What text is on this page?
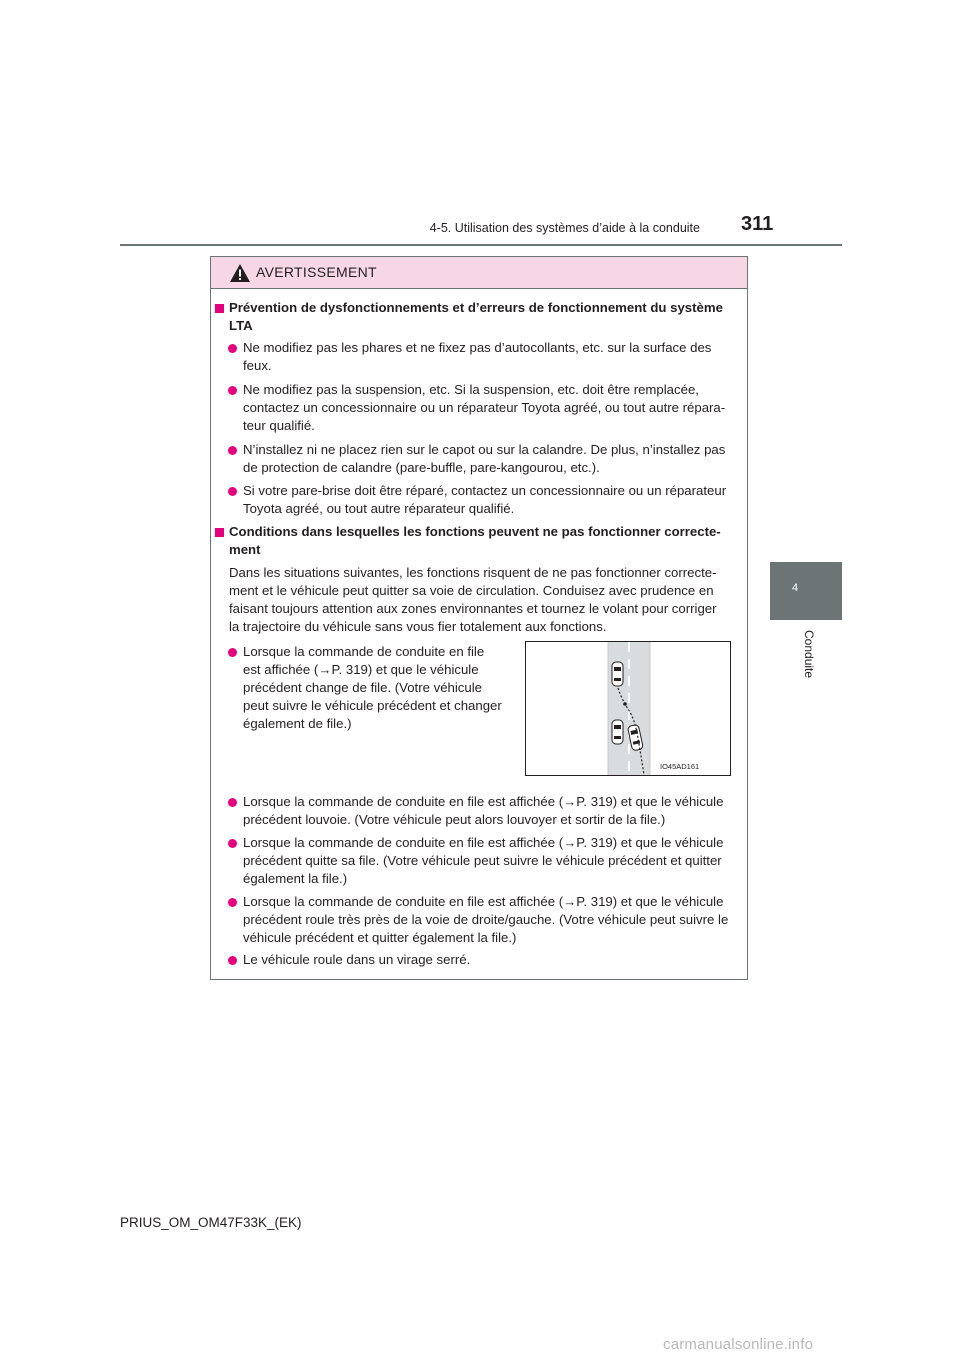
4-5. Utilisation des systèmes d’aide à la conduite 311
4
Conduite
AVERTISSEMENT
Prévention de dysfonctionnements et d’erreurs de fonctionnement du système
LTA
Ne modifiez pas les phares et ne fixez pas d’autocollants, etc. sur la surface des
feux.
Ne modifiez pas la suspension, etc. Si la suspension, etc. doit être remplacée,
contactez un concessionnaire ou un réparateur Toyota agréé, ou tout autre répara-
teur qualifié.
N’installez ni ne placez rien sur le capot ou sur la calandre. De plus, n’installez pas
de protection de calandre (pare-buffle, pare-kangourou, etc.).
Si votre pare-brise doit être réparé, contactez un concessionnaire ou un réparateur
Toyota agréé, ou tout autre réparateur qualifié.
Conditions dans lesquelles les fonctions peuvent ne pas fonctionner correcte-
ment
Dans les situations suivantes, les fonctions risquent de ne pas fonctionner correcte-
ment et le véhicule peut quitter sa voie de circulation. Conduisez avec prudence en
faisant toujours attention aux zones environnantes et tournez le volant pour corriger
la trajectoire du véhicule sans vous fier totalement aux fonctions.
Lorsque la commande de conduite en file
est affichée (→P. 319) et que le véhicule
précédent change de file. (Votre véhicule
peut suivre le véhicule précédent et changer
également de file.)
Lorsque la commande de conduite en file est affichée (→P. 319) et que le véhicule
précédent louvoie. (Votre véhicule peut alors louvoyer et sortir de la file.)
Lorsque la commande de conduite en file est affichée (→P. 319) et que le véhicule
précédent quitte sa file. (Votre véhicule peut suivre le véhicule précédent et quitter
également la file.)
Lorsque la commande de conduite en file est affichée (→P. 319) et que le véhicule
précédent roule très près de la voie de droite/gauche. (Votre véhicule peut suivre le
véhicule précédent et quitter également la file.)
Le véhicule roule dans un virage serré.
IO45AD161
PRIUS_OM_OM47F33K_(EK)
carmanualsonline.info
